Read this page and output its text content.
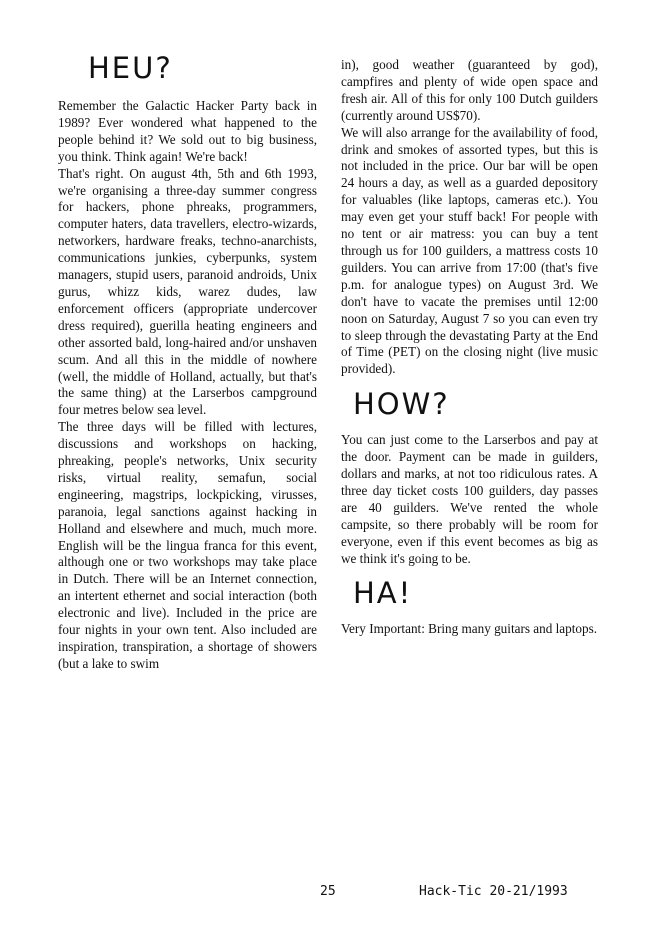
HEU?

Remember the Galactic Hacker Party back in 1989? Ever wondered what happened to the people behind it? We sold out to big business, you think. Think again! We're back!

That's right. On august 4th, 5th and 6th 1993, we're organising a three-day summer congress for hackers, phone phreaks, programmers, computer haters, data travellers, electro-wizards, networkers, hardware freaks, techno-anarchists, communications junkies, cyberpunks, system managers, stupid users, paranoid androids, Unix gurus, whizz kids, warez dudes, law enforcement officers (appropriate undercover dress required), guerilla heating engineers and other assorted bald, long-haired and/or unshaven scum. And all this in the middle of nowhere (well, the middle of Holland, actually, but that's the same thing) at the Larserbos campground four metres below sea level.

The three days will be filled with lectures, discussions and workshops on hacking, phreaking, people's networks, Unix security risks, virtual reality, semafun, social engineering, magstrips, lockpicking, virusses, paranoia, legal sanctions against hacking in Holland and elsewhere and much, much more. English will be the lingua franca for this event, although one or two workshops may take place in Dutch. There will be an Internet connection, an intertent ethernet and social interaction (both electronic and live). Included in the price are four nights in your own tent. Also included are inspiration, transpiration, a shortage of showers (but a lake to swim

in), good weather (guaranteed by god), campfires and plenty of wide open space and fresh air. All of this for only 100 Dutch guilders (currently around US$70).

We will also arrange for the availability of food, drink and smokes of assorted types, but this is not included in the price. Our bar will be open 24 hours a day, as well as a guarded depository for valuables (like laptops, cameras etc.). You may even get your stuff back! For people with no tent or air matress: you can buy a tent through us for 100 guilders, a mattress costs 10 guilders. You can arrive from 17:00 (that's five p.m. for analogue types) on August 3rd. We don't have to vacate the premises until 12:00 noon on Saturday, August 7 so you can even try to sleep through the devastating Party at the End of Time (PET) on the closing night (live music provided).

HOW?

You can just come to the Larserbos and pay at the door. Payment can be made in guilders, dollars and marks, at not too ridiculous rates. A three day ticket costs 100 guilders, day passes are 40 guilders. We've rented the whole campsite, so there probably will be room for everyone, even if this event becomes as big as we think it's going to be.

HA!

Very Important: Bring many guitars and laptops.

25	Hack-Tic 20-21/1993
